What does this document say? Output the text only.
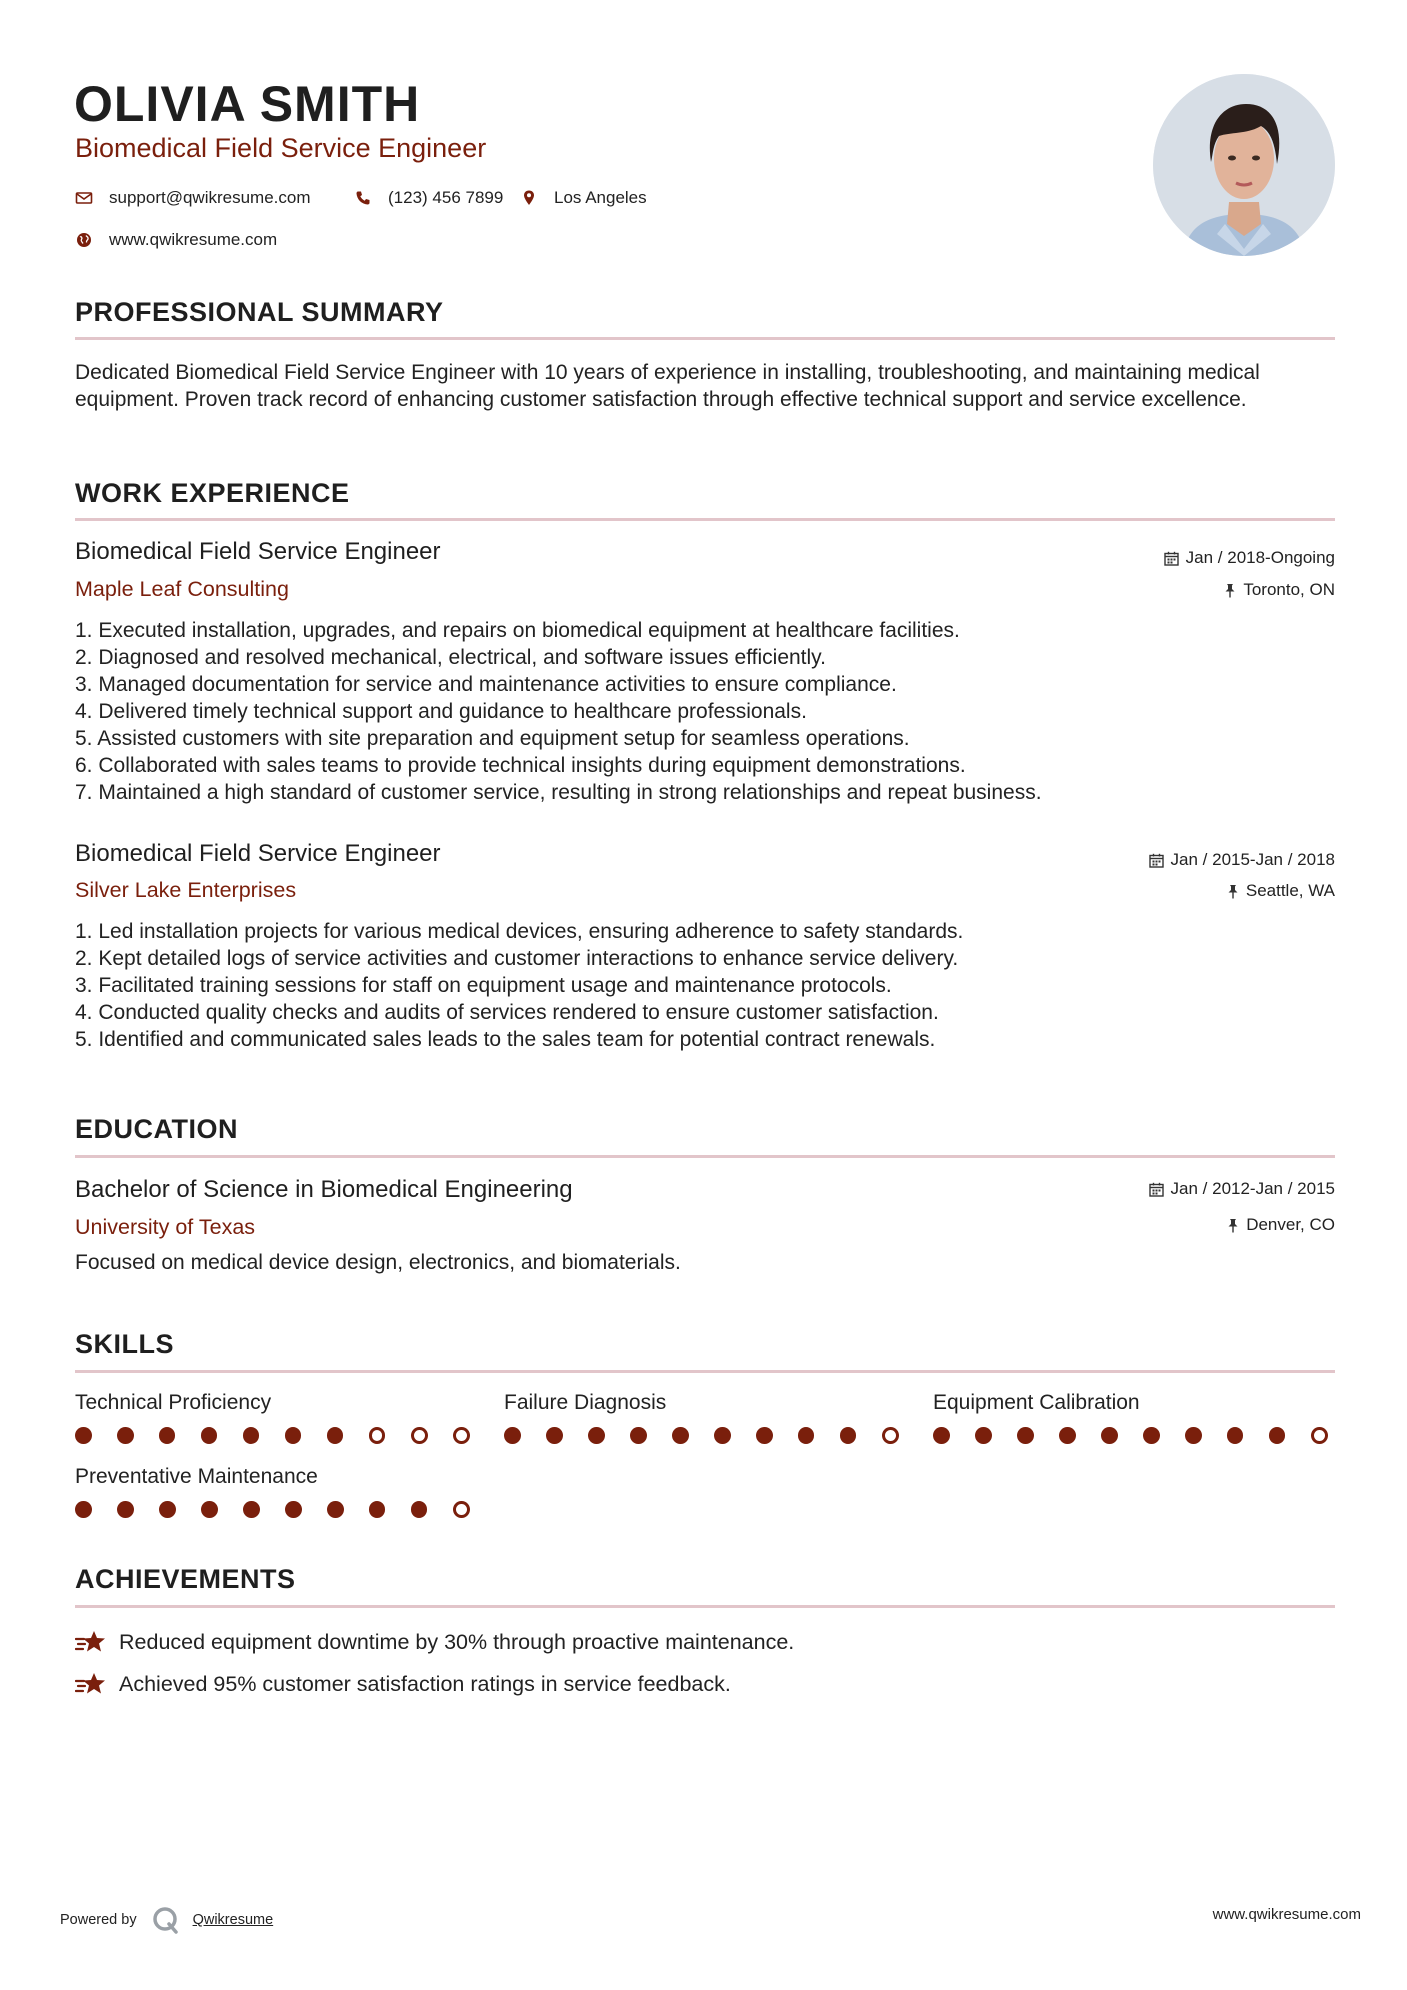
OLIVIA SMITH
Biomedical Field Service Engineer
support@qwikresume.com	(123) 456 7899	Los Angeles
www.qwikresume.com
PROFESSIONAL SUMMARY
Dedicated Biomedical Field Service Engineer with 10 years of experience in installing, troubleshooting, and maintaining medical equipment. Proven track record of enhancing customer satisfaction through effective technical support and service excellence.
WORK EXPERIENCE
Biomedical Field Service Engineer	Jan / 2018-Ongoing
Maple Leaf Consulting	Toronto, ON
1. Executed installation, upgrades, and repairs on biomedical equipment at healthcare facilities.
2. Diagnosed and resolved mechanical, electrical, and software issues efficiently.
3. Managed documentation for service and maintenance activities to ensure compliance.
4. Delivered timely technical support and guidance to healthcare professionals.
5. Assisted customers with site preparation and equipment setup for seamless operations.
6. Collaborated with sales teams to provide technical insights during equipment demonstrations.
7. Maintained a high standard of customer service, resulting in strong relationships and repeat business.
Biomedical Field Service Engineer	Jan / 2015-Jan / 2018
Silver Lake Enterprises	Seattle, WA
1. Led installation projects for various medical devices, ensuring adherence to safety standards.
2. Kept detailed logs of service activities and customer interactions to enhance service delivery.
3. Facilitated training sessions for staff on equipment usage and maintenance protocols.
4. Conducted quality checks and audits of services rendered to ensure customer satisfaction.
5. Identified and communicated sales leads to the sales team for potential contract renewals.
EDUCATION
Bachelor of Science in Biomedical Engineering	Jan / 2012-Jan / 2015
University of Texas	Denver, CO
Focused on medical device design, electronics, and biomaterials.
SKILLS
Technical Proficiency	Failure Diagnosis	Equipment Calibration
Preventative Maintenance
ACHIEVEMENTS
Reduced equipment downtime by 30% through proactive maintenance.
Achieved 95% customer satisfaction ratings in service feedback.
Powered by	Qwikresume	www.qwikresume.com
